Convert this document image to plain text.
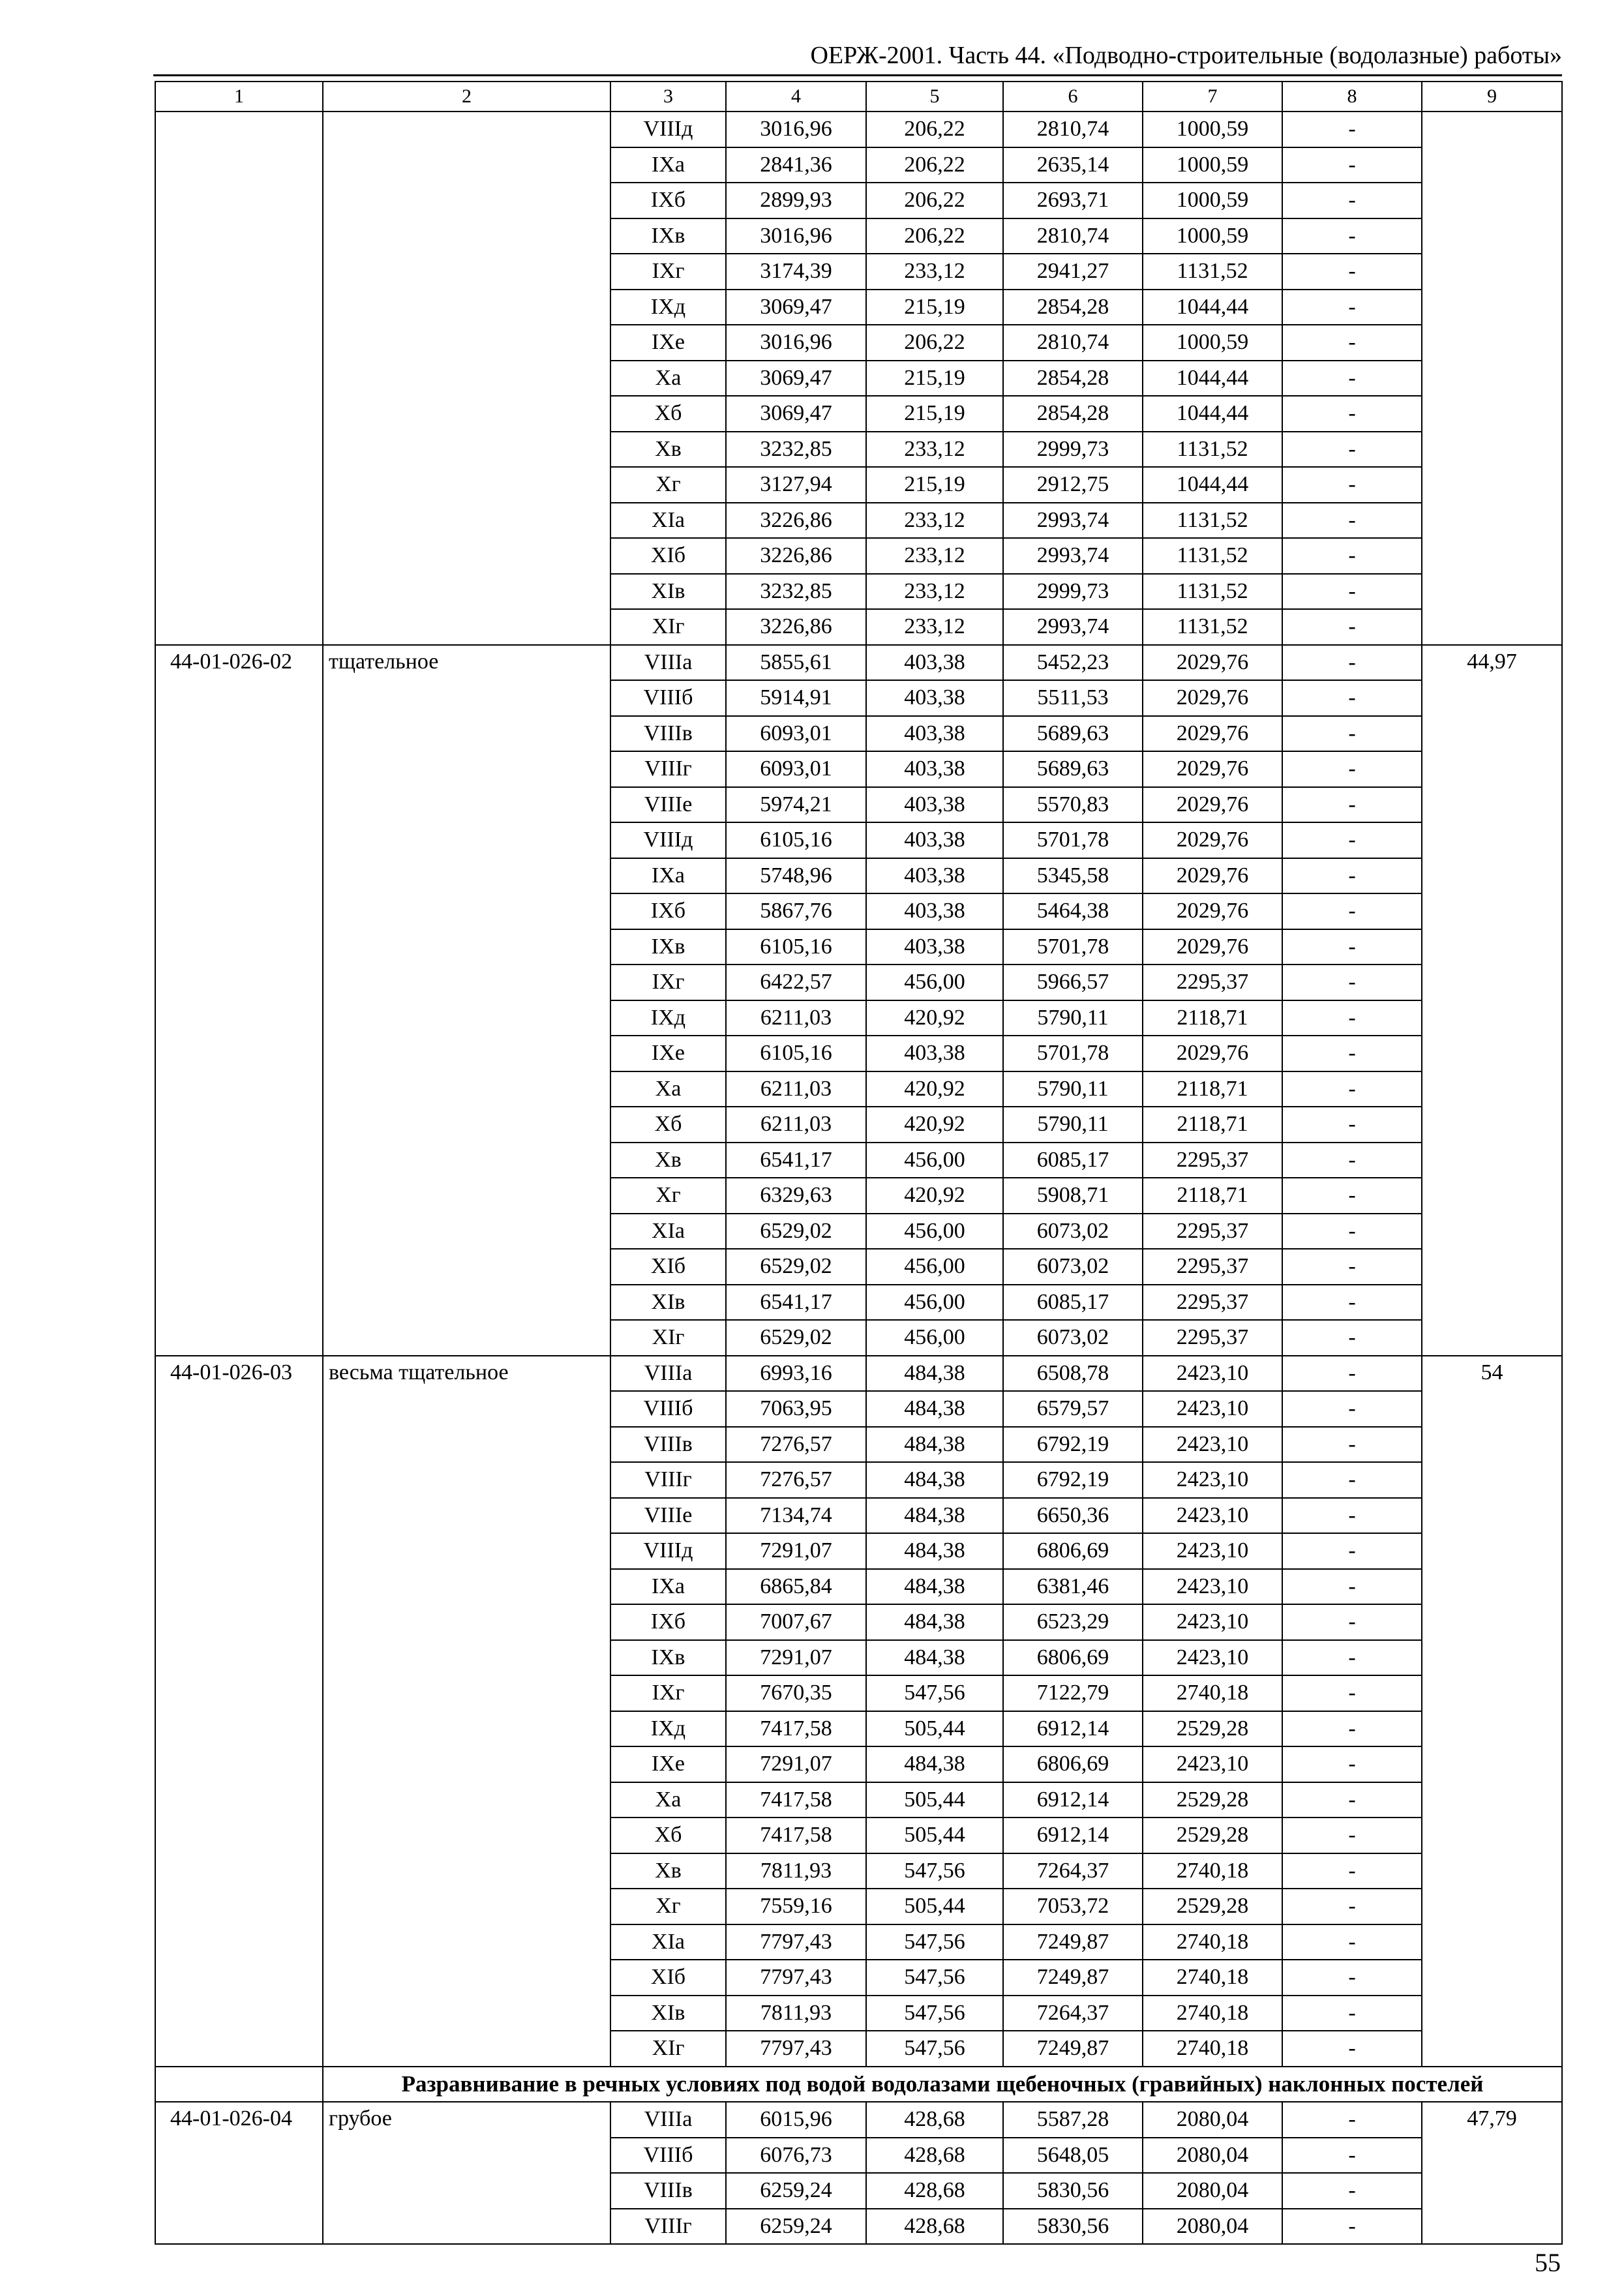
ОЕРЖ-2001. Часть 44. «Подводно-строительные (водолазные) работы»
1	2	3	4	5	6	7	8	9
		VIIIд	3016,96	206,22	2810,74	1000,59	-	
		IXa	2841,36	206,22	2635,14	1000,59	-	
		IXб	2899,93	206,22	2693,71	1000,59	-	
		IXв	3016,96	206,22	2810,74	1000,59	-	
		IXг	3174,39	233,12	2941,27	1131,52	-	
		IXд	3069,47	215,19	2854,28	1044,44	-	
		IXe	3016,96	206,22	2810,74	1000,59	-	
		Xa	3069,47	215,19	2854,28	1044,44	-	
		Xб	3069,47	215,19	2854,28	1044,44	-	
		Xв	3232,85	233,12	2999,73	1131,52	-	
		Xг	3127,94	215,19	2912,75	1044,44	-	
		XIa	3226,86	233,12	2993,74	1131,52	-	
		XIб	3226,86	233,12	2993,74	1131,52	-	
		XIв	3232,85	233,12	2999,73	1131,52	-	
		XIг	3226,86	233,12	2993,74	1131,52	-	
44-01-026-02	тщательное	VIIIa	5855,61	403,38	5452,23	2029,76	-	44,97
		VIIIб	5914,91	403,38	5511,53	2029,76	-	
		VIIIв	6093,01	403,38	5689,63	2029,76	-	
		VIIIг	6093,01	403,38	5689,63	2029,76	-	
		VIIIe	5974,21	403,38	5570,83	2029,76	-	
		VIIIд	6105,16	403,38	5701,78	2029,76	-	
		IXa	5748,96	403,38	5345,58	2029,76	-	
		IXб	5867,76	403,38	5464,38	2029,76	-	
		IXв	6105,16	403,38	5701,78	2029,76	-	
		IXг	6422,57	456,00	5966,57	2295,37	-	
		IXд	6211,03	420,92	5790,11	2118,71	-	
		IXe	6105,16	403,38	5701,78	2029,76	-	
		Xa	6211,03	420,92	5790,11	2118,71	-	
		Xб	6211,03	420,92	5790,11	2118,71	-	
		Xв	6541,17	456,00	6085,17	2295,37	-	
		Xг	6329,63	420,92	5908,71	2118,71	-	
		XIa	6529,02	456,00	6073,02	2295,37	-	
		XIб	6529,02	456,00	6073,02	2295,37	-	
		XIв	6541,17	456,00	6085,17	2295,37	-	
		XIг	6529,02	456,00	6073,02	2295,37	-	
44-01-026-03	весьма тщательное	VIIIa	6993,16	484,38	6508,78	2423,10	-	54
		VIIIб	7063,95	484,38	6579,57	2423,10	-	
		VIIIв	7276,57	484,38	6792,19	2423,10	-	
		VIIIг	7276,57	484,38	6792,19	2423,10	-	
		VIIIe	7134,74	484,38	6650,36	2423,10	-	
		VIIIд	7291,07	484,38	6806,69	2423,10	-	
		IXa	6865,84	484,38	6381,46	2423,10	-	
		IXб	7007,67	484,38	6523,29	2423,10	-	
		IXв	7291,07	484,38	6806,69	2423,10	-	
		IXг	7670,35	547,56	7122,79	2740,18	-	
		IXд	7417,58	505,44	6912,14	2529,28	-	
		IXe	7291,07	484,38	6806,69	2423,10	-	
		Xa	7417,58	505,44	6912,14	2529,28	-	
		Xб	7417,58	505,44	6912,14	2529,28	-	
		Xв	7811,93	547,56	7264,37	2740,18	-	
		Xг	7559,16	505,44	7053,72	2529,28	-	
		XIa	7797,43	547,56	7249,87	2740,18	-	
		XIб	7797,43	547,56	7249,87	2740,18	-	
		XIв	7811,93	547,56	7264,37	2740,18	-	
		XIг	7797,43	547,56	7249,87	2740,18	-	
	Разравнивание в речных условиях под водой водолазами щебеночных (гравийных) наклонных постелей							
44-01-026-04	грубое	VIIIa	6015,96	428,68	5587,28	2080,04	-	47,79
		VIIIб	6076,73	428,68	5648,05	2080,04	-	
		VIIIв	6259,24	428,68	5830,56	2080,04	-	
		VIIIг	6259,24	428,68	5830,56	2080,04	-	
55
